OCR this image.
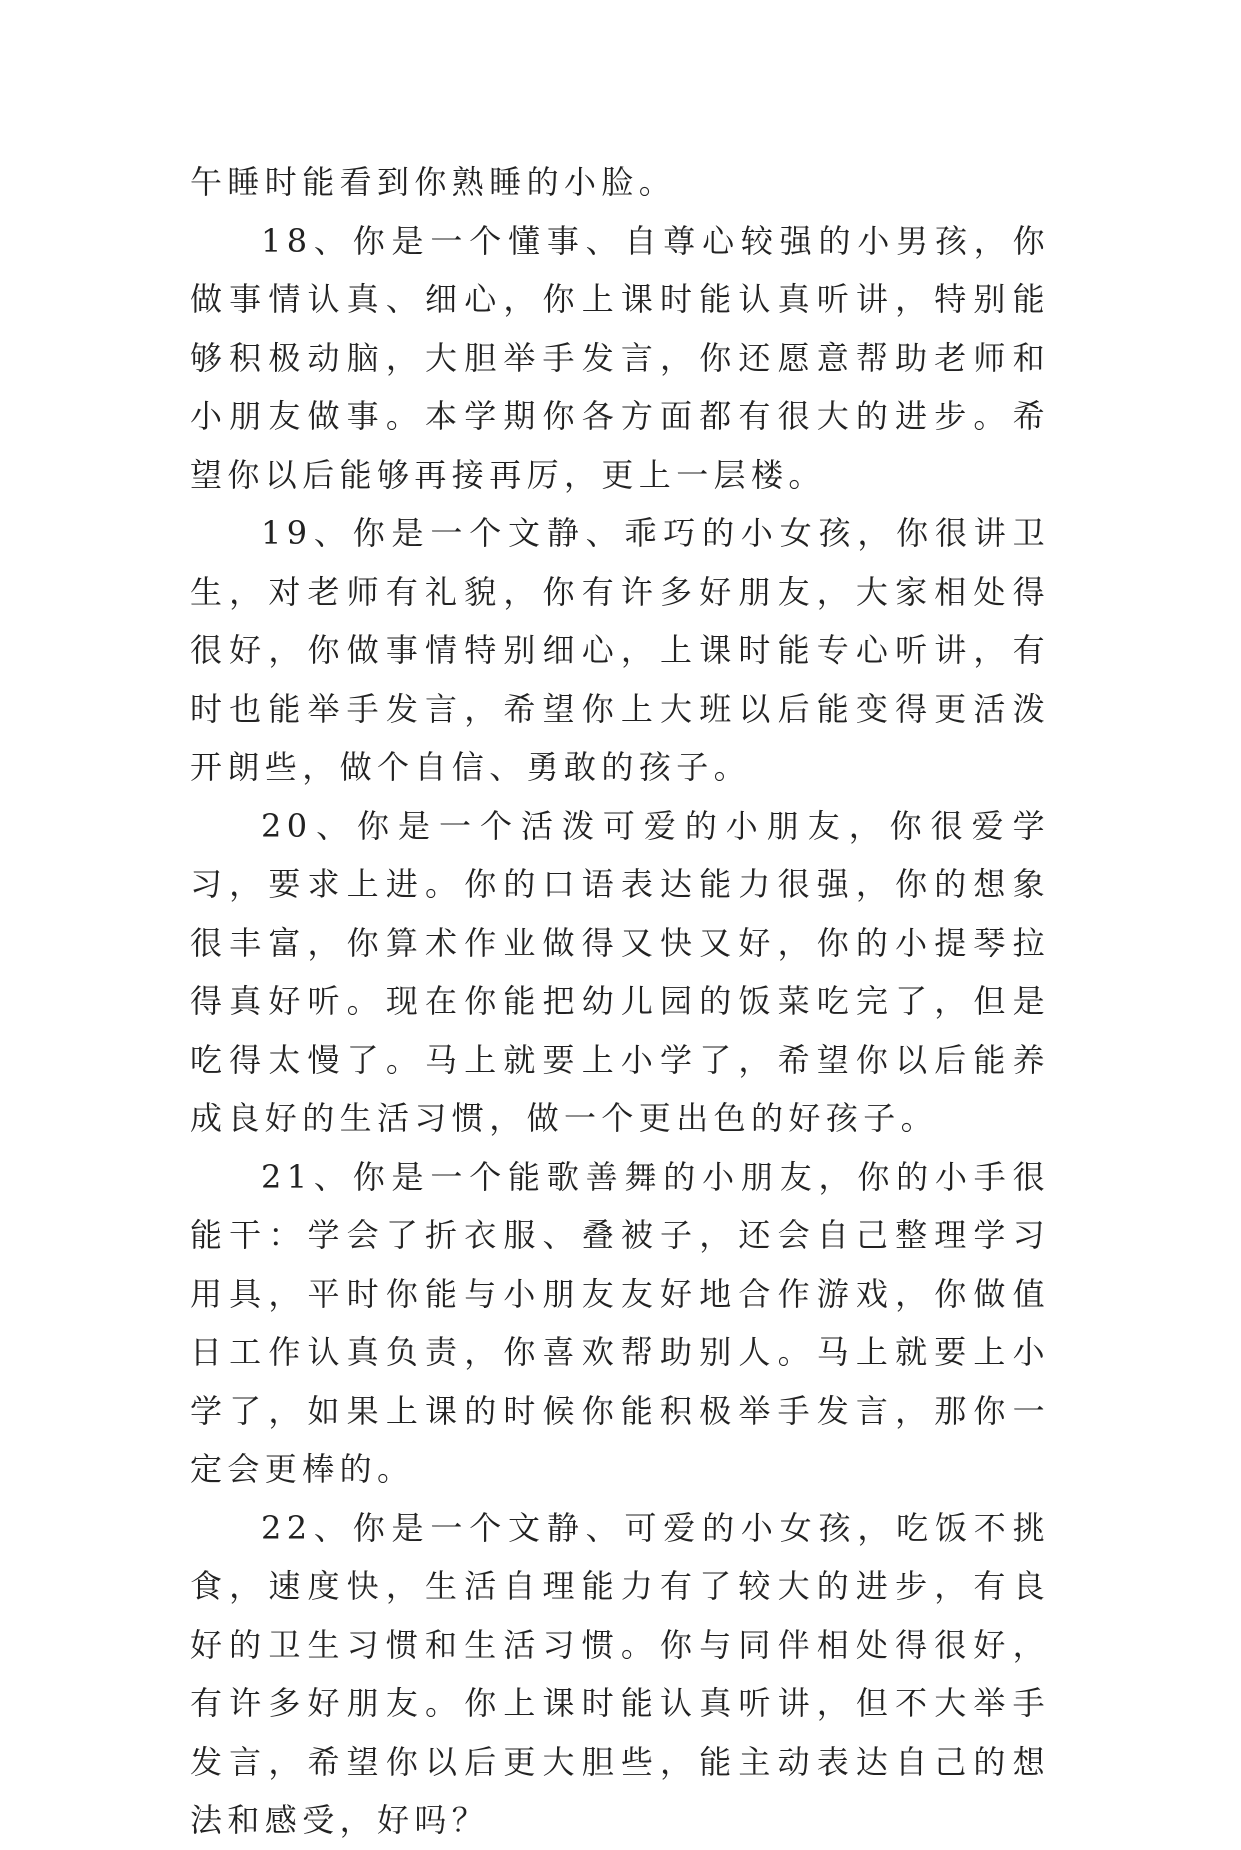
午睡时能看到你熟睡的小脸。

18、你是一个懂事、自尊心较强的小男孩，你做事情认真、细心，你上课时能认真听讲，特别能够积极动脑，大胆举手发言，你还愿意帮助老师和小朋友做事。本学期你各方面都有很大的进步。希望你以后能够再接再厉，更上一层楼。

19、你是一个文静、乖巧的小女孩，你很讲卫生，对老师有礼貌，你有许多好朋友，大家相处得很好，你做事情特别细心，上课时能专心听讲，有时也能举手发言，希望你上大班以后能变得更活泼开朗些，做个自信、勇敢的孩子。

20、你是一个活泼可爱的小朋友，你很爱学习，要求上进。你的口语表达能力很强，你的想象很丰富，你算术作业做得又快又好，你的小提琴拉得真好听。现在你能把幼儿园的饭菜吃完了，但是吃得太慢了。马上就要上小学了，希望你以后能养成良好的生活习惯，做一个更出色的好孩子。

21、你是一个能歌善舞的小朋友，你的小手很能干：学会了折衣服、叠被子，还会自己整理学习用具，平时你能与小朋友友好地合作游戏，你做值日工作认真负责，你喜欢帮助别人。马上就要上小学了，如果上课的时候你能积极举手发言，那你一定会更棒的。

22、你是一个文静、可爱的小女孩，吃饭不挑食，速度快，生活自理能力有了较大的进步，有良好的卫生习惯和生活习惯。你与同伴相处得很好，有许多好朋友。你上课时能认真听讲，但不大举手发言，希望你以后更大胆些，能主动表达自己的想法和感受，好吗？
